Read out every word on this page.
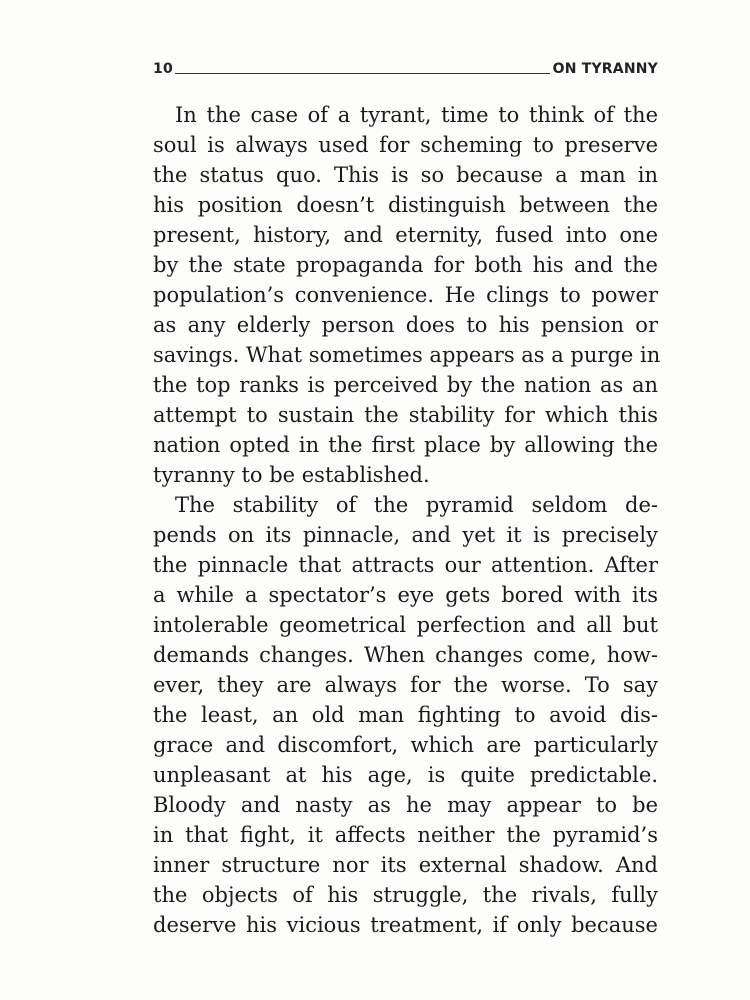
10	ON TYRANNY
In the case of a tyrant, time to think of the
soul is always used for scheming to preserve
the status quo. This is so because a man in
his position doesn’t distinguish between the
present, history, and eternity, fused into one
by the state propaganda for both his and the
population’s convenience. He clings to power
as any elderly person does to his pension or
savings. What sometimes appears as a purge in
the top ranks is perceived by the nation as an
attempt to sustain the stability for which this
nation opted in the first place by allowing the
tyranny to be established.
The stability of the pyramid seldom de-
pends on its pinnacle, and yet it is precisely
the pinnacle that attracts our attention. After
a while a spectator’s eye gets bored with its
intolerable geometrical perfection and all but
demands changes. When changes come, how-
ever, they are always for the worse. To say
the least, an old man fighting to avoid dis-
grace and discomfort, which are particularly
unpleasant at his age, is quite predictable.
Bloody and nasty as he may appear to be
in that fight, it affects neither the pyramid’s
inner structure nor its external shadow. And
the objects of his struggle, the rivals, fully
deserve his vicious treatment, if only because
